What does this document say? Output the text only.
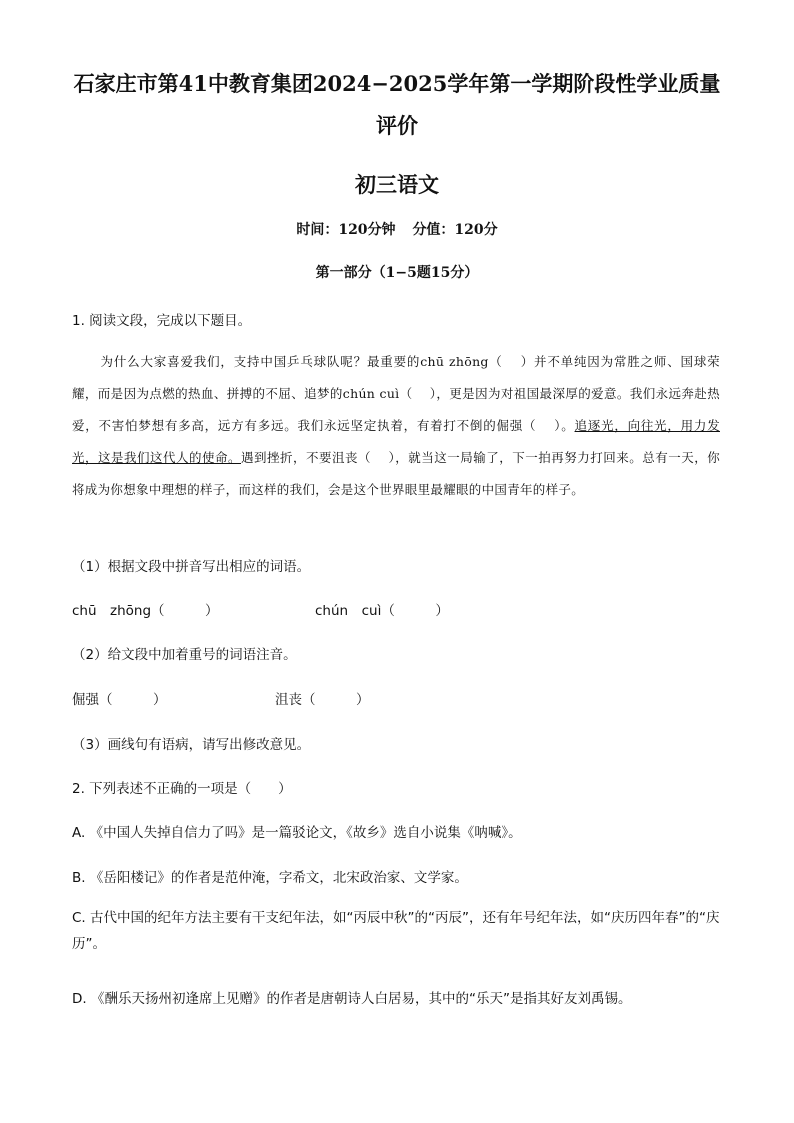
石家庄市第41中教育集团2024−2025学年第一学期阶段性学业质量
评价
初三语文
时间：120分钟 分值：120分
第一部分（1−5题15分）
1. 阅读文段，完成以下题目。
为什么大家喜爱我们，支持中国乒乓球队呢？最重要的chū zhōng（　 ）并不单纯因为常胜之师、国球荣耀，而是因为点燃的热血、拼搏的不屈、追梦的chún cuì（　 ），更是因为对祖国最深厚的爱意。我们永远奔赴热爱，不害怕梦想有多高，远方有多远。我们永远坚定执着，有着打不倒的倔强（　 ）。追逐光，向往光，用力发光，这是我们这代人的使命。遇到挫折，不要沮丧（　 ），就当这一局输了，下一拍再努力打回来。总有一天，你将成为你想象中理想的样子，而这样的我们，会是这个世界眼里最耀眼的中国青年的样子。
（1）根据文段中拼音写出相应的词语。
chū　zhōng（　　　）	chún　cuì（　　　）
（2）给文段中加着重号的词语注音。
倔强（　　　）	沮丧（　　　）
（3）画线句有语病，请写出修改意见。
2. 下列表述不正确的一项是（　　）
A. 《中国人失掉自信力了吗》是一篇驳论文，《故乡》选自小说集《呐喊》。
B. 《岳阳楼记》的作者是范仲淹，字希文，北宋政治家、文学家。
C. 古代中国的纪年方法主要有干支纪年法，如“丙辰中秋”的“丙辰”，还有年号纪年法，如“庆历四年春”的“庆历”。
D. 《酬乐天扬州初逢席上见赠》的作者是唐朝诗人白居易，其中的“乐天”是指其好友刘禹锡。
